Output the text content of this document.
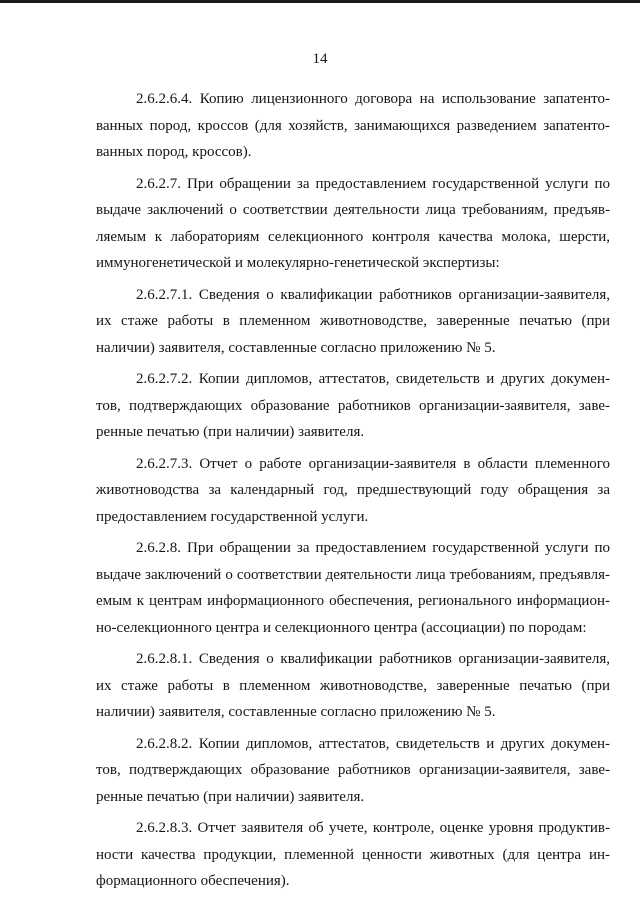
14

2.6.2.6.4. Копию лицензионного договора на использование запатентованных пород, кроссов (для хозяйств, занимающихся разведением запатентованных пород, кроссов).

2.6.2.7. При обращении за предоставлением государственной услуги по выдаче заключений о соответствии деятельности лица требованиям, предъявляемым к лабораториям селекционного контроля качества молока, шерсти, иммуногенетической и молекулярно-генетической экспертизы:

2.6.2.7.1. Сведения о квалификации работников организации-заявителя, их стаже работы в племенном животноводстве, заверенные печатью (при наличии) заявителя, составленные согласно приложению № 5.

2.6.2.7.2. Копии дипломов, аттестатов, свидетельств и других документов, подтверждающих образование работников организации-заявителя, заверенные печатью (при наличии) заявителя.

2.6.2.7.3. Отчет о работе организации-заявителя в области племенного животноводства за календарный год, предшествующий году обращения за предоставлением государственной услуги.

2.6.2.8. При обращении за предоставлением государственной услуги по выдаче заключений о соответствии деятельности лица требованиям, предъявляемым к центрам информационного обеспечения, регионального информационно-селекционного центра и селекционного центра (ассоциации) по породам:

2.6.2.8.1. Сведения о квалификации работников организации-заявителя, их стаже работы в племенном животноводстве, заверенные печатью (при наличии) заявителя, составленные согласно приложению № 5.

2.6.2.8.2. Копии дипломов, аттестатов, свидетельств и других документов, подтверждающих образование работников организации-заявителя, заверенные печатью (при наличии) заявителя.

2.6.2.8.3. Отчет заявителя об учете, контроле, оценке уровня продуктивности качества продукции, племенной ценности животных (для центра информационного обеспечения).
